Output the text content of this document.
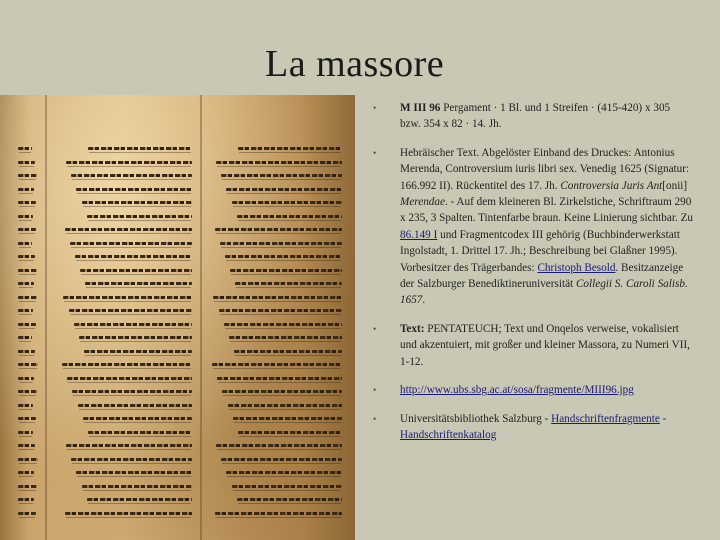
La massore
• M III 96 Pergament · 1 Bl. und 1 Streifen · (415-420) x 305 bzw. 354 x 82 · 14. Jh.
• Hebräischer Text. Abgelöster Einband des Druckes: Antonius Merenda, Controversium iuris libri sex. Venedig 1625 (Signatur: 166.992 II). Rückentitel des 17. Jh. Controversia Juris Ant[onii] Merendae. - Auf dem kleineren Bl. Zirkelstiche, Schriftraum 290 x 235, 3 Spalten. Tintenfarbe braun. Keine Linierung sichtbar. Zu 86.149 I und Fragmentcodex III gehörig (Buchbinderwerkstatt Ingolstadt, 1. Drittel 17. Jh.; Beschreibung bei Glaßner 1995). Vorbesitzer des Trägerbandes: Christoph Besold. Besitzanzeige der Salzburger Benediktineruniversität Collegii S. Caroli Salisb. 1657.
• Text: PENTATEUCH; Text und Onqelos verweise, vokalisiert und akzentuiert, mit großer und kleiner Massora, zu Numeri VII, 1-12.
• http://www.ubs.sbg.ac.at/sosa/fragmente/MIII96.jpg
• Universitätsbibliothek Salzburg - Handschriftenfragmente - Handschriftenkatalog
